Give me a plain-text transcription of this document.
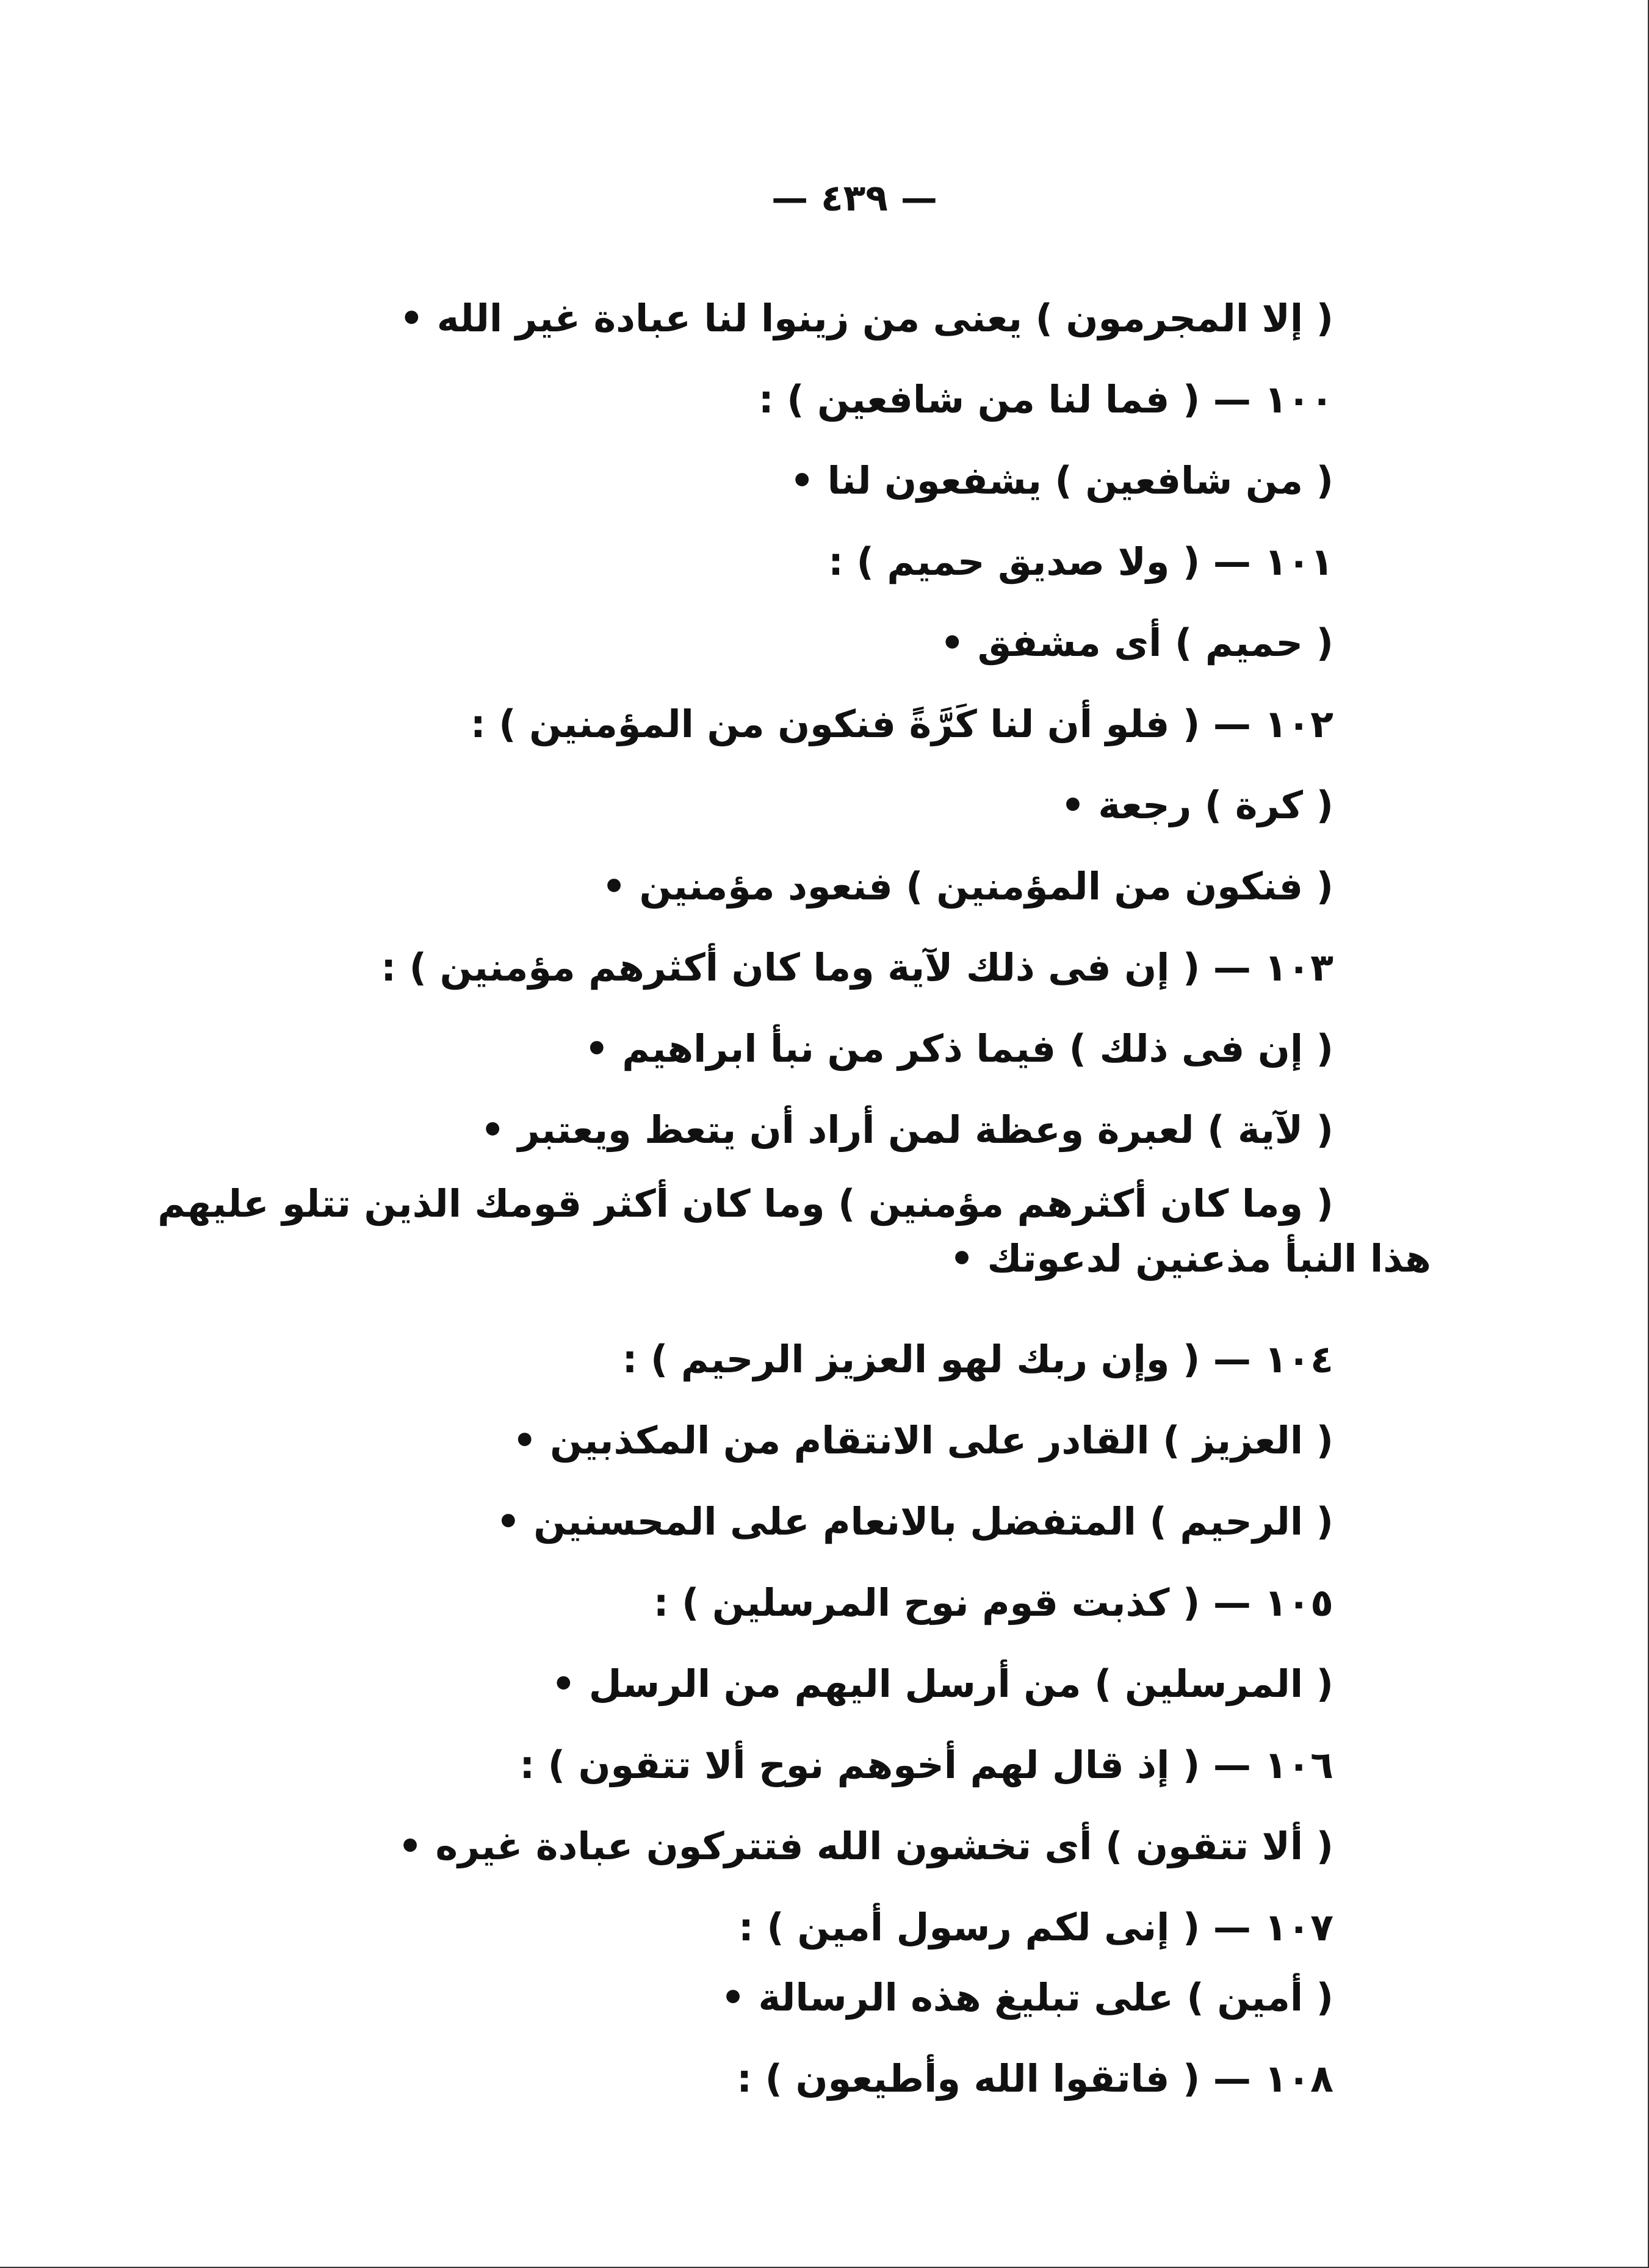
— ٤٣٩ —
( إلا المجرمون ) يعنى من زينوا لنا عبادة غير الله •
١٠٠ — ( فما لنا من شافعين ) :
( من شافعين ) يشفعون لنا •
١٠١ — ( ولا صديق حميم ) :
( حميم ) أى مشفق •
١٠٢ — ( فلو أن لنا كَرَّةً فنكون من المؤمنين ) :
( كرة ) رجعة •
( فنكون من المؤمنين ) فنعود مؤمنين •
١٠٣ — ( إن فى ذلك لآية وما كان أكثرهم مؤمنين ) :
( إن فى ذلك ) فيما ذكر من نبأ ابراهيم •
( لآية ) لعبرة وعظة لمن أراد أن يتعظ ويعتبر •
( وما كان أكثرهم مؤمنين ) وما كان أكثر قومك الذين تتلو عليهم
هذا النبأ مذعنين لدعوتك •
١٠٤ — ( وإن ربك لهو العزيز الرحيم ) :
( العزيز ) القادر على الانتقام من المكذبين •
( الرحيم ) المتفضل بالانعام على المحسنين •
١٠٥ — ( كذبت قوم نوح المرسلين ) :
( المرسلين ) من أرسل اليهم من الرسل •
١٠٦ — ( إذ قال لهم أخوهم نوح ألا تتقون ) :
( ألا تتقون ) أى تخشون الله فتتركون عبادة غيره •
١٠٧ — ( إنى لكم رسول أمين ) :
( أمين ) على تبليغ هذه الرسالة •
١٠٨ — ( فاتقوا الله وأطيعون ) :
